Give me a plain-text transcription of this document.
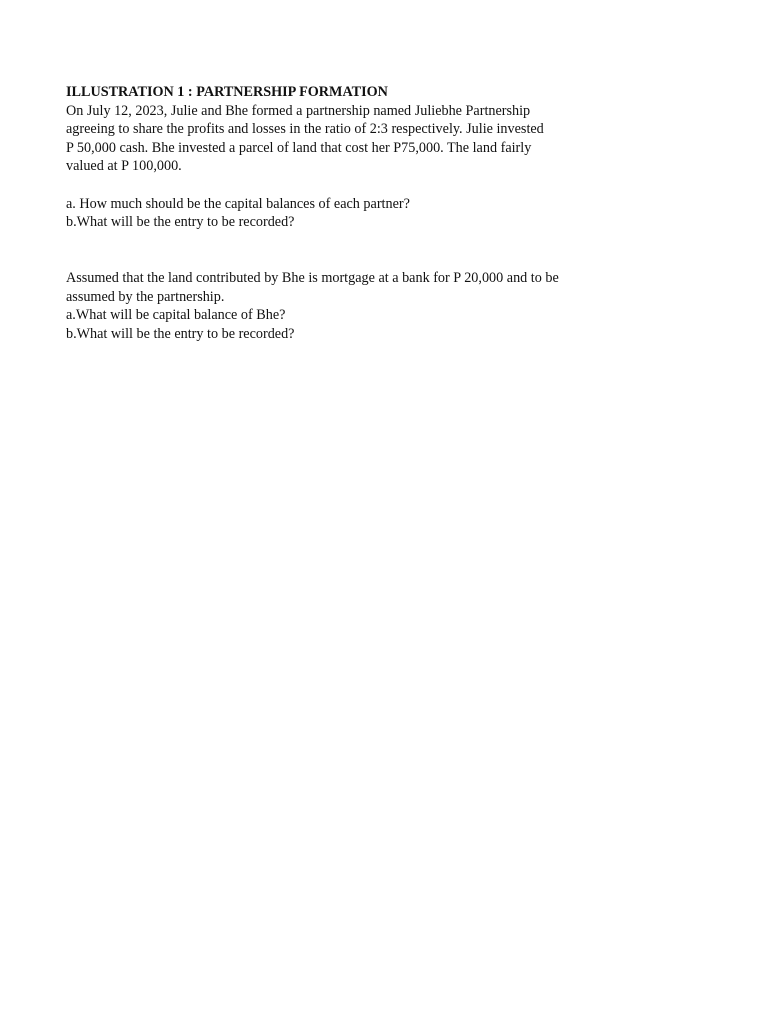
ILLUSTRATION 1 : PARTNERSHIP FORMATION
On July 12, 2023, Julie and Bhe formed a partnership named Juliebhe Partnership
agreeing to share the profits and losses in the ratio of 2:3 respectively. Julie invested
P 50,000 cash. Bhe invested a parcel of land that cost her P75,000. The land fairly
valued at P 100,000.
a. How much should be the capital balances of each partner?
b.What will be the entry to be recorded?
Assumed that the land contributed by Bhe is mortgage at a bank for P 20,000 and to be
assumed by the partnership.
a.What will be capital balance of Bhe?
b.What will be the entry to be recorded?
